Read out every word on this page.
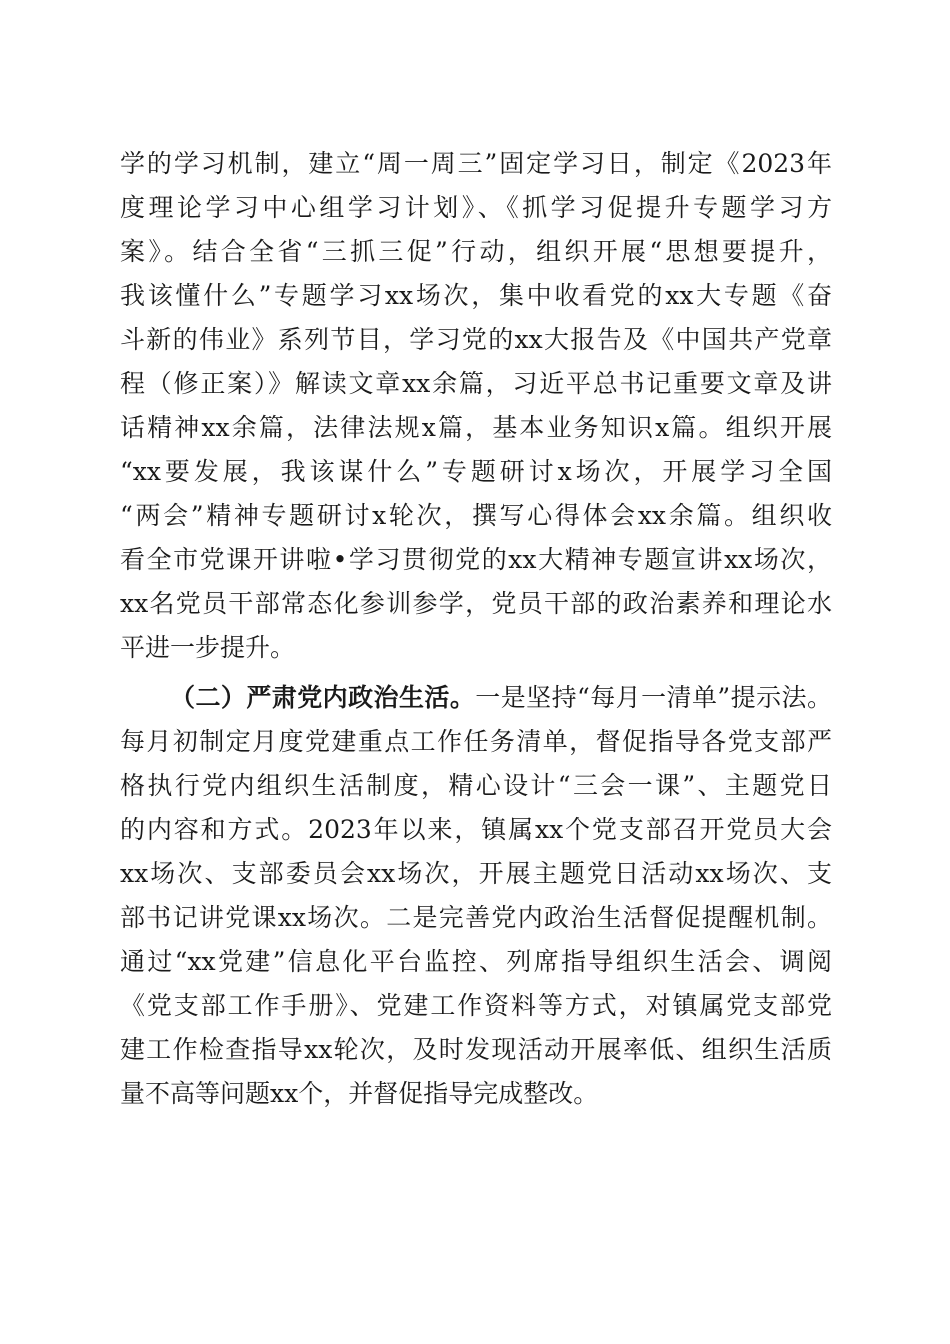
学的学习机制，建立“周一周三”固定学习日，制定《2023年
度理论学习中心组学习计划》、《抓学习促提升专题学习方
案》。结合全省“三抓三促”行动，组织开展“思想要提升，
我该懂什么”专题学习xx场次，集中收看党的xx大专题《奋
斗新的伟业》系列节目，学习党的xx大报告及《中国共产党章
程（修正案）》解读文章xx余篇，习近平总书记重要文章及讲
话精神xx余篇，法律法规x篇，基本业务知识x篇。组织开展
“xx要发展，我该谋什么”专题研讨x场次，开展学习全国
“两会”精神专题研讨x轮次，撰写心得体会xx余篇。组织收
看全市党课开讲啦•学习贯彻党的xx大精神专题宣讲xx场次，
xx名党员干部常态化参训参学，党员干部的政治素养和理论水
平进一步提升。
（二）严肃党内政治生活。一是坚持“每月一清单”提示法。
每月初制定月度党建重点工作任务清单，督促指导各党支部严
格执行党内组织生活制度，精心设计“三会一课”、主题党日
的内容和方式。2023年以来，镇属xx个党支部召开党员大会
xx场次、支部委员会xx场次，开展主题党日活动xx场次、支
部书记讲党课xx场次。二是完善党内政治生活督促提醒机制。
通过“xx党建”信息化平台监控、列席指导组织生活会、调阅
《党支部工作手册》、党建工作资料等方式，对镇属党支部党
建工作检查指导xx轮次，及时发现活动开展率低、组织生活质
量不高等问题xx个，并督促指导完成整改。
